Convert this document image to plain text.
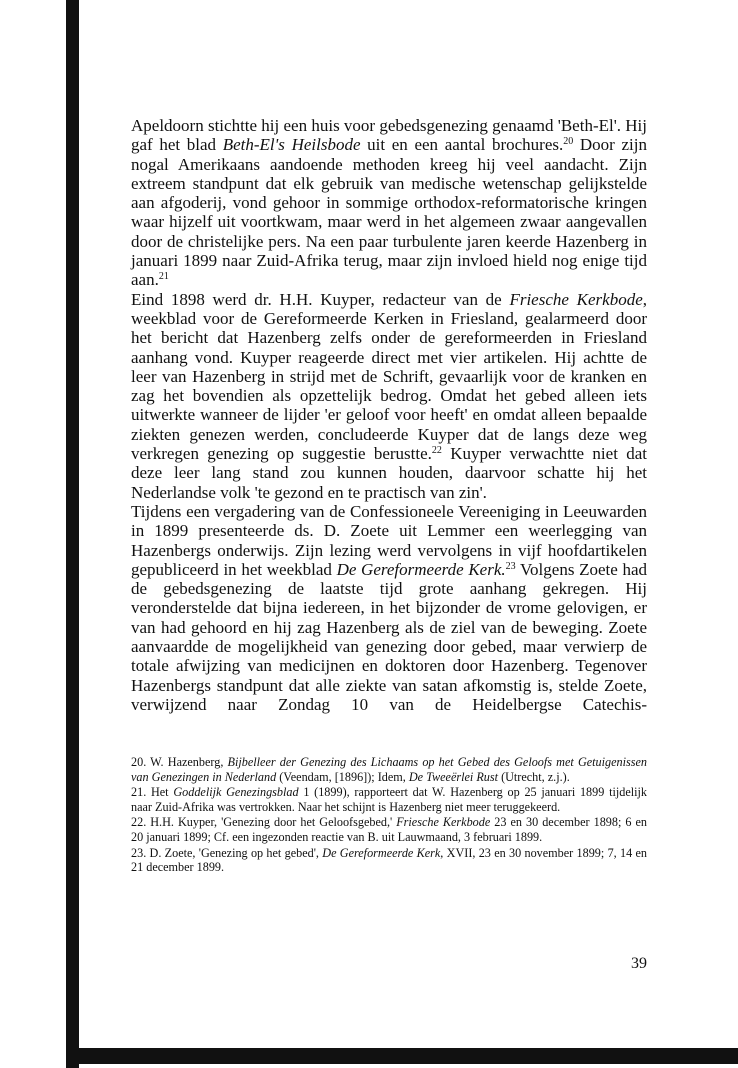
Apeldoorn stichtte hij een huis voor gebedsgenezing genaamd 'Beth-El'. Hij gaf het blad Beth-El's Heilsbode uit en een aantal brochures.$^{20}$ Door zijn nogal Amerikaans aandoende methoden kreeg hij veel aandacht. Zijn extreem standpunt dat elk gebruik van medische wetenschap gelijkstelde aan afgoderij, vond gehoor in sommige orthodox-reformatorische kringen waar hijzelf uit voortkwam, maar werd in het algemeen zwaar aangevallen door de christelijke pers. Na een paar turbulente jaren keerde Hazenberg in januari 1899 naar Zuid-Afrika terug, maar zijn invloed hield nog enige tijd aan.$^{21}$

Eind 1898 werd dr. H.H. Kuyper, redacteur van de Friesche Kerkbode, weekblad voor de Gereformeerde Kerken in Friesland, gealarmeerd door het bericht dat Hazenberg zelfs onder de gereformeerden in Friesland aanhang vond. Kuyper reageerde direct met vier artikelen. Hij achtte de leer van Hazenberg in strijd met de Schrift, gevaarlijk voor de kranken en zag het bovendien als opzettelijk bedrog. Omdat het gebed alleen iets uitwerkte wanneer de lijder 'er geloof voor heeft' en omdat alleen bepaalde ziekten genezen werden, concludeerde Kuyper dat de langs deze weg verkregen genezing op suggestie berustte.$^{22}$ Kuyper verwachtte niet dat deze leer lang stand zou kunnen houden, daarvoor schatte hij het Nederlandse volk 'te gezond en te practisch van zin'.

Tijdens een vergadering van de Confessioneele Vereeniging in Leeuwarden in 1899 presenteerde ds. D. Zoete uit Lemmer een weerlegging van Hazenbergs onderwijs. Zijn lezing werd vervolgens in vijf hoofdartikelen gepubliceerd in het weekblad De Gereformeerde Kerk.$^{23}$ Volgens Zoete had de gebedsgenezing de laatste tijd grote aanhang gekregen. Hij veronderstelde dat bijna iedereen, in het bijzonder de vrome gelovigen, er van had gehoord en hij zag Hazenberg als de ziel van de beweging. Zoete aanvaardde de mogelijkheid van genezing door gebed, maar verwierp de totale afwijzing van medicijnen en doktoren door Hazenberg. Tegenover Hazenbergs standpunt dat alle ziekte van satan afkomstig is, stelde Zoete, verwijzend naar Zondag 10 van de Heidelbergse Catechis-

20. W. Hazenberg, Bijbelleer der Genezing des Lichaams op het Gebed des Geloofs met Getuigenissen van Genezingen in Nederland (Veendam, [1896]); Idem, De Tweeërlei Rust (Utrecht, z.j.).

21. Het Goddelijk Genezingsblad 1 (1899), rapporteert dat W. Hazenberg op 25 januari 1899 tijdelijk naar Zuid-Afrika was vertrokken. Naar het schijnt is Hazenberg niet meer teruggekeerd.

22. H.H. Kuyper, 'Genezing door het Geloofsgebed,' Friesche Kerkbode 23 en 30 december 1898; 6 en 20 januari 1899; Cf. een ingezonden reactie van B. uit Lauwmaand, 3 februari 1899.

23. D. Zoete, 'Genezing op het gebed', De Gereformeerde Kerk, XVII, 23 en 30 november 1899; 7, 14 en 21 december 1899.

39
